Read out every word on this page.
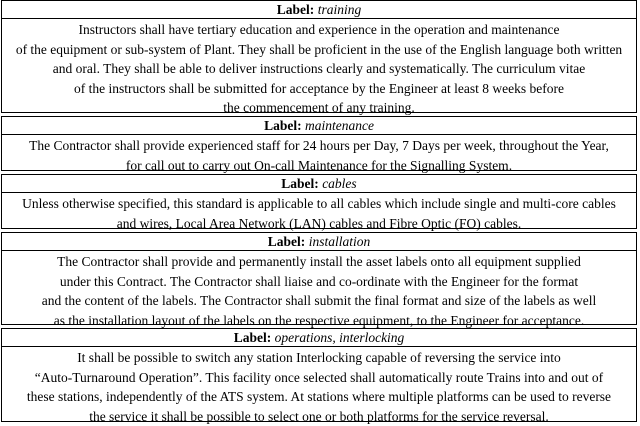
Label: training
Instructors shall have tertiary education and experience in the operation and maintenance
of the equipment or sub-system of Plant. They shall be proficient in the use of the English language both written
and oral. They shall be able to deliver instructions clearly and systematically. The curriculum vitae
of the instructors shall be submitted for acceptance by the Engineer at least 8 weeks before
the commencement of any training.
Label: maintenance
The Contractor shall provide experienced staff for 24 hours per Day, 7 Days per week, throughout the Year,
for call out to carry out On-call Maintenance for the Signalling System.
Label: cables
Unless otherwise specified, this standard is applicable to all cables which include single and multi-core cables
and wires, Local Area Network (LAN) cables and Fibre Optic (FO) cables.
Label: installation
The Contractor shall provide and permanently install the asset labels onto all equipment supplied
under this Contract. The Contractor shall liaise and co-ordinate with the Engineer for the format
and the content of the labels. The Contractor shall submit the final format and size of the labels as well
as the installation layout of the labels on the respective equipment, to the Engineer for acceptance.
Label: operations, interlocking
It shall be possible to switch any station Interlocking capable of reversing the service into
“Auto-Turnaround Operation”. This facility once selected shall automatically route Trains into and out of
these stations, independently of the ATS system. At stations where multiple platforms can be used to reverse
the service it shall be possible to select one or both platforms for the service reversal.
